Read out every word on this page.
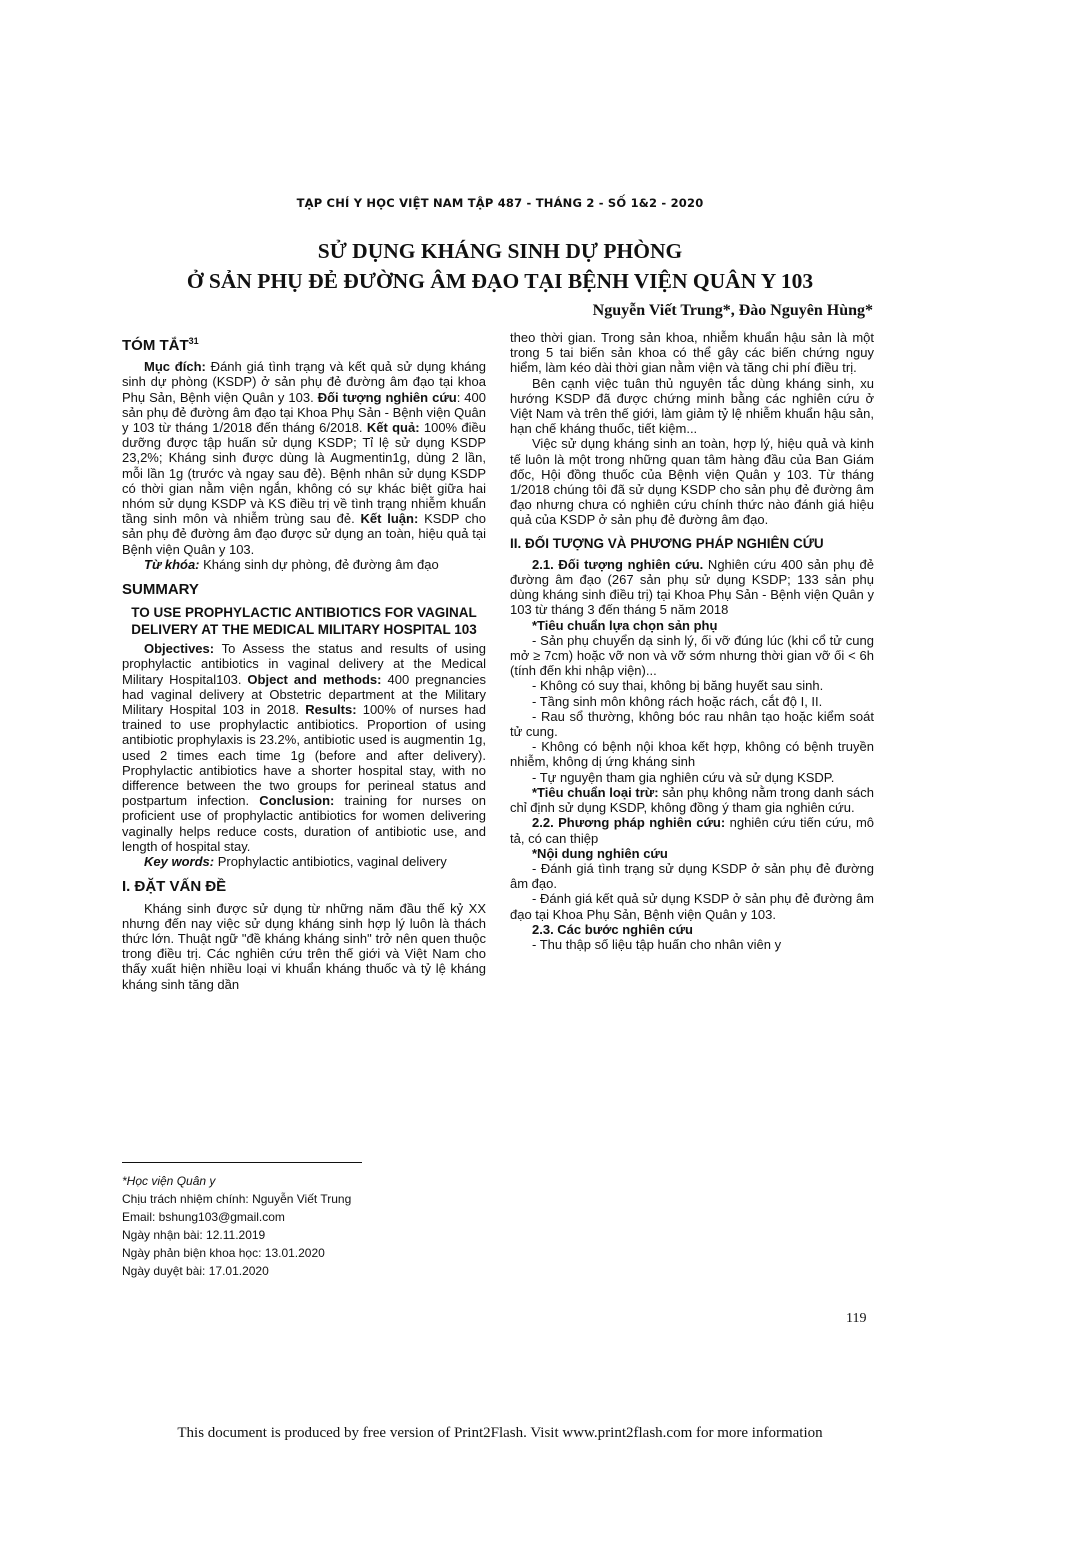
TẠP CHÍ Y HỌC VIỆT NAM TẬP 487 - THÁNG 2 - SỐ 1&2 - 2020
SỬ DỤNG KHÁNG SINH DỰ PHÒNG
Ở SẢN PHỤ ĐẺ ĐƯỜNG ÂM ĐẠO TẠI BỆNH VIỆN QUÂN Y 103
Nguyễn Viết Trung*, Đào Nguyên Hùng*
TÓM TẮT$^{31}$

Mục đích: Đánh giá tình trạng và kết quả sử dụng kháng sinh dự phòng (KSDP) ở sản phụ đẻ đường âm đạo tại khoa Phụ Sản, Bệnh viện Quân y 103. Đối tượng nghiên cứu: 400 sản phụ đẻ đường âm đạo tại Khoa Phụ Sản - Bệnh viện Quân y 103 từ tháng 1/2018 đến tháng 6/2018. Kết quả: 100% điều dưỡng được tập huấn sử dụng KSDP; Tỉ lệ sử dụng KSDP 23,2%; Kháng sinh được dùng là Augmentin1g, dùng 2 lần, mỗi lần 1g (trước và ngay sau đẻ). Bệnh nhân sử dụng KSDP có thời gian nằm viện ngắn, không có sự khác biệt giữa hai nhóm sử dụng KSDP và KS điều trị về tình trạng nhiễm khuẩn tầng sinh môn và nhiễm trùng sau đẻ. Kết luận: KSDP cho sản phụ đẻ đường âm đạo được sử dụng an toàn, hiệu quả tại Bệnh viện Quân y 103.

Từ khóa: Kháng sinh dự phòng, đẻ đường âm đạo

SUMMARY
TO USE PROPHYLACTIC ANTIBIOTICS FOR VAGINAL DELIVERY AT THE MEDICAL MILITARY HOSPITAL 103

Objectives: To Assess the status and results of using prophylactic antibiotics in vaginal delivery at the Medical Military Hospital103. Object and methods: 400 pregnancies had vaginal delivery at Obstetric department at the Military Military Hospital 103 in 2018. Results: 100% of nurses had trained to use prophylactic antibiotics. Proportion of using antibiotic prophylaxis is 23.2%, antibiotic used is augmentin 1g, used 2 times each time 1g (before and after delivery). Prophylactic antibiotics have a shorter hospital stay, with no difference between the two groups for perineal status and postpartum infection. Conclusion: training for nurses on proficient use of prophylactic antibiotics for women delivering vaginally helps reduce costs, duration of antibiotic use, and length of hospital stay.

Key words: Prophylactic antibiotics, vaginal delivery

I. ĐẶT VẤN ĐỀ

Kháng sinh được sử dụng từ những năm đầu thế kỷ XX nhưng đến nay việc sử dụng kháng sinh hợp lý luôn là thách thức lớn. Thuật ngữ "đề kháng kháng sinh" trở nên quen thuộc trong điều trị. Các nghiên cứu trên thế giới và Việt Nam cho thấy xuất hiện nhiều loại vi khuẩn kháng thuốc và tỷ lệ kháng kháng sinh tăng dần

*Học viện Quân y
Chịu trách nhiệm chính: Nguyễn Viết Trung
Email: bshung103@gmail.com
Ngày nhận bài: 12.11.2019
Ngày phản biện khoa học: 13.01.2020
Ngày duyệt bài: 17.01.2020

theo thời gian. Trong sản khoa, nhiễm khuẩn hậu sản là một trong 5 tai biến sản khoa có thể gây các biến chứng nguy hiểm, làm kéo dài thời gian nằm viện và tăng chi phí điều trị.

Bên cạnh việc tuân thủ nguyên tắc dùng kháng sinh, xu hướng KSDP đã được chứng minh bằng các nghiên cứu ở Việt Nam và trên thế giới, làm giảm tỷ lệ nhiễm khuẩn hậu sản, hạn chế kháng thuốc, tiết kiệm...

Việc sử dụng kháng sinh an toàn, hợp lý, hiệu quả và kinh tế luôn là một trong những quan tâm hàng đầu của Ban Giám đốc, Hội đồng thuốc của Bệnh viện Quân y 103. Từ tháng 1/2018 chúng tôi đã sử dụng KSDP cho sản phụ đẻ đường âm đạo nhưng chưa có nghiên cứu chính thức nào đánh giá hiệu quả của KSDP ở sản phụ đẻ đường âm đạo.

II. ĐỐI TƯỢNG VÀ PHƯƠNG PHÁP NGHIÊN CỨU

2.1. Đối tượng nghiên cứu. Nghiên cứu 400 sản phụ đẻ đường âm đạo (267 sản phụ sử dụng KSDP; 133 sản phụ dùng kháng sinh điều trị) tại Khoa Phụ Sản - Bệnh viện Quân y 103 từ tháng 3 đến tháng 5 năm 2018

*Tiêu chuẩn lựa chọn sản phụ

- Sản phụ chuyển dạ sinh lý, ối vỡ đúng lúc (khi cổ tử cung mở ≥ 7cm) hoặc vỡ non và vỡ sớm nhưng thời gian vỡ ối < 6h (tính đến khi nhập viện)...

- Không có suy thai, không bị băng huyết sau sinh.

- Tầng sinh môn không rách hoặc rách, cắt độ I, II.

- Rau sổ thường, không bóc rau nhân tạo hoặc kiểm soát tử cung.

- Không có bệnh nội khoa kết hợp, không có bệnh truyền nhiễm, không dị ứng kháng sinh

- Tự nguyện tham gia nghiên cứu và sử dụng KSDP.

*Tiêu chuẩn loại trừ: sản phụ không nằm trong danh sách chỉ định sử dụng KSDP, không đồng ý tham gia nghiên cứu.

2.2. Phương pháp nghiên cứu: nghiên cứu tiến cứu, mô tả, có can thiệp

*Nội dung nghiên cứu

- Đánh giá tình trạng sử dụng KSDP ở sản phụ đẻ đường âm đạo.

- Đánh giá kết quả sử dụng KSDP ở sản phụ đẻ đường âm đạo tại Khoa Phụ Sản, Bệnh viện Quân y 103.

2.3. Các bước nghiên cứu

- Thu thập số liệu tập huấn cho nhân viên y

119
This document is produced by free version of Print2Flash. Visit www.print2flash.com for more information
